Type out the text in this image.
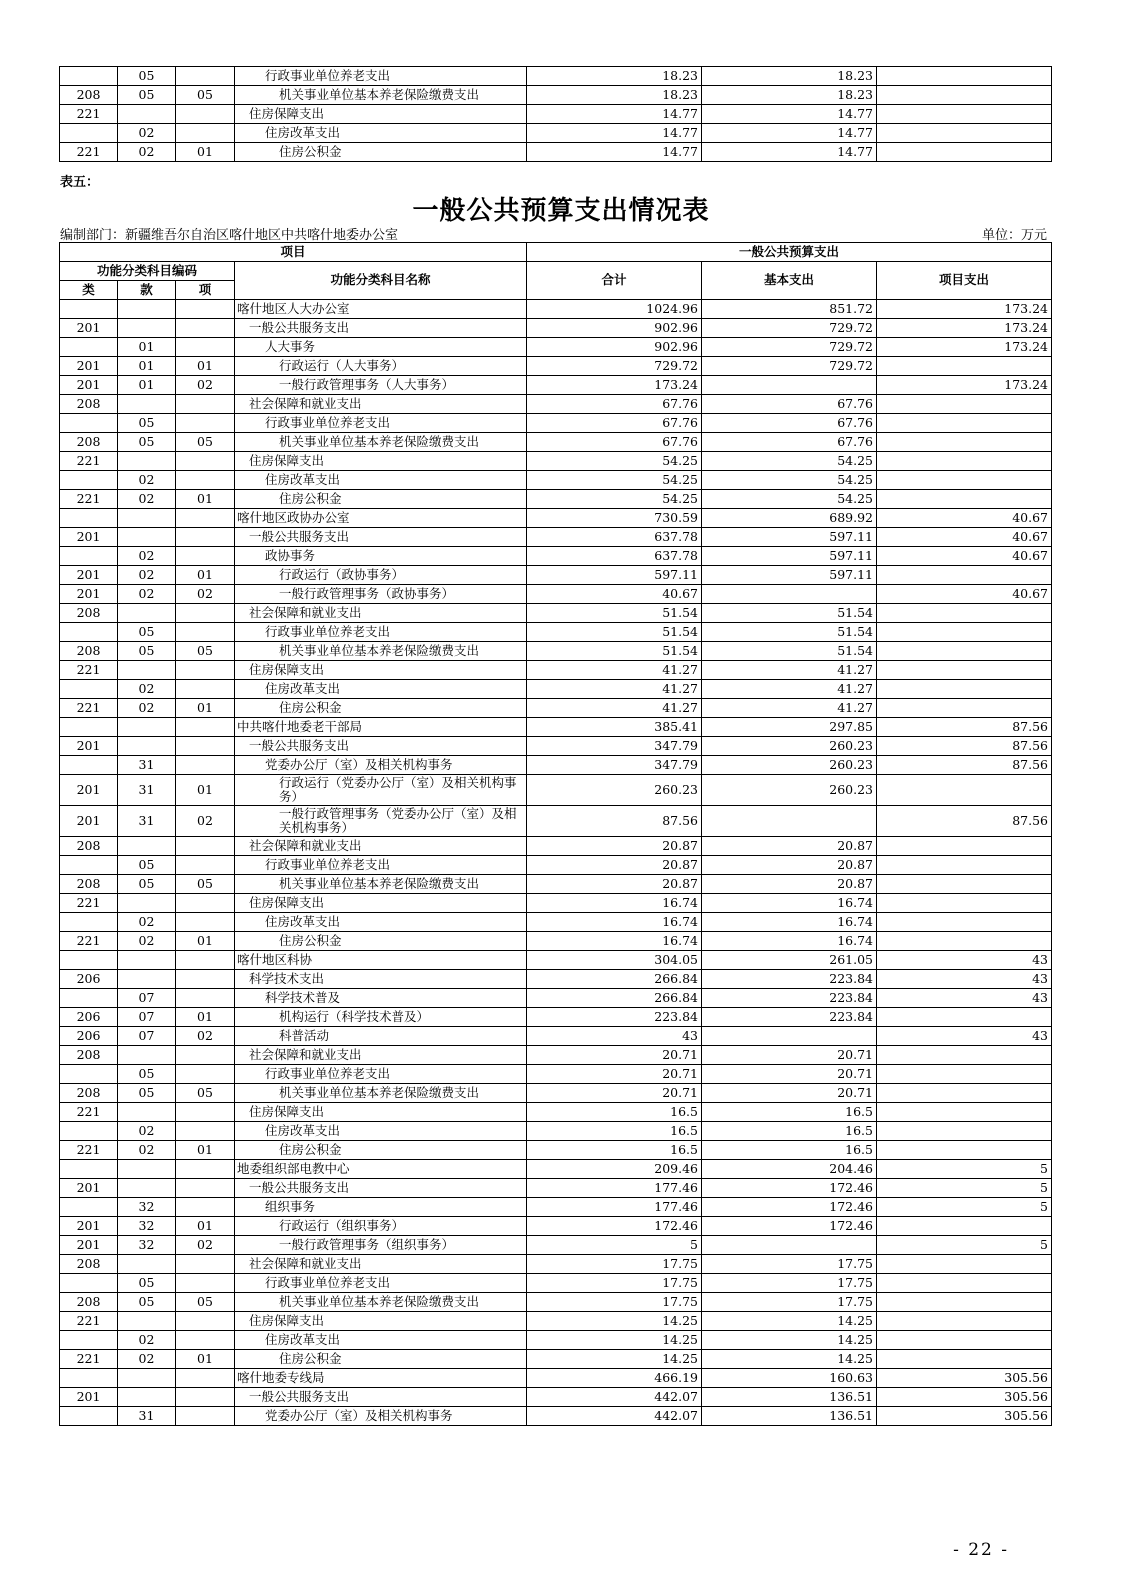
	05		行政事业单位养老支出	18.23	18.23	
208	05	05	机关事业单位基本养老保险缴费支出	18.23	18.23	
221			住房保障支出	14.77	14.77	
	02		住房改革支出	14.77	14.77	
221	02	01	住房公积金	14.77	14.77	
表五：
一般公共预算支出情况表
编制部门：新疆维吾尔自治区喀什地区中共喀什地委办公室	单位：万元
项目				一般公共预算支出		
功能分类科目编码			功能分类科目名称	合计	基本支出	项目支出
类	款	项				
			喀什地区人大办公室	1024.96	851.72	173.24
201			一般公共服务支出	902.96	729.72	173.24
	01		人大事务	902.96	729.72	173.24
201	01	01	行政运行（人大事务）	729.72	729.72	
201	01	02	一般行政管理事务（人大事务）	173.24		173.24
208			社会保障和就业支出	67.76	67.76	
	05		行政事业单位养老支出	67.76	67.76	
208	05	05	机关事业单位基本养老保险缴费支出	67.76	67.76	
221			住房保障支出	54.25	54.25	
	02		住房改革支出	54.25	54.25	
221	02	01	住房公积金	54.25	54.25	
			喀什地区政协办公室	730.59	689.92	40.67
201			一般公共服务支出	637.78	597.11	40.67
	02		政协事务	637.78	597.11	40.67
201	02	01	行政运行（政协事务）	597.11	597.11	
201	02	02	一般行政管理事务（政协事务）	40.67		40.67
208			社会保障和就业支出	51.54	51.54	
	05		行政事业单位养老支出	51.54	51.54	
208	05	05	机关事业单位基本养老保险缴费支出	51.54	51.54	
221			住房保障支出	41.27	41.27	
	02		住房改革支出	41.27	41.27	
221	02	01	住房公积金	41.27	41.27	
			中共喀什地委老干部局	385.41	297.85	87.56
201			一般公共服务支出	347.79	260.23	87.56
	31		党委办公厅（室）及相关机构事务	347.79	260.23	87.56
201	31	01	行政运行（党委办公厅（室）及相关机构事务）	260.23	260.23	
201	31	02	一般行政管理事务（党委办公厅（室）及相关机构事务）	87.56		87.56
208			社会保障和就业支出	20.87	20.87	
	05		行政事业单位养老支出	20.87	20.87	
208	05	05	机关事业单位基本养老保险缴费支出	20.87	20.87	
221			住房保障支出	16.74	16.74	
	02		住房改革支出	16.74	16.74	
221	02	01	住房公积金	16.74	16.74	
			喀什地区科协	304.05	261.05	43
206			科学技术支出	266.84	223.84	43
	07		科学技术普及	266.84	223.84	43
206	07	01	机构运行（科学技术普及）	223.84	223.84	
206	07	02	科普活动	43		43
208			社会保障和就业支出	20.71	20.71	
	05		行政事业单位养老支出	20.71	20.71	
208	05	05	机关事业单位基本养老保险缴费支出	20.71	20.71	
221			住房保障支出	16.5	16.5	
	02		住房改革支出	16.5	16.5	
221	02	01	住房公积金	16.5	16.5	
			地委组织部电教中心	209.46	204.46	5
201			一般公共服务支出	177.46	172.46	5
	32		组织事务	177.46	172.46	5
201	32	01	行政运行（组织事务）	172.46	172.46	
201	32	02	一般行政管理事务（组织事务）	5		5
208			社会保障和就业支出	17.75	17.75	
	05		行政事业单位养老支出	17.75	17.75	
208	05	05	机关事业单位基本养老保险缴费支出	17.75	17.75	
221			住房保障支出	14.25	14.25	
	02		住房改革支出	14.25	14.25	
221	02	01	住房公积金	14.25	14.25	
			喀什地委专线局	466.19	160.63	305.56
201			一般公共服务支出	442.07	136.51	305.56
	31		党委办公厅（室）及相关机构事务	442.07	136.51	305.56
- 22 -
